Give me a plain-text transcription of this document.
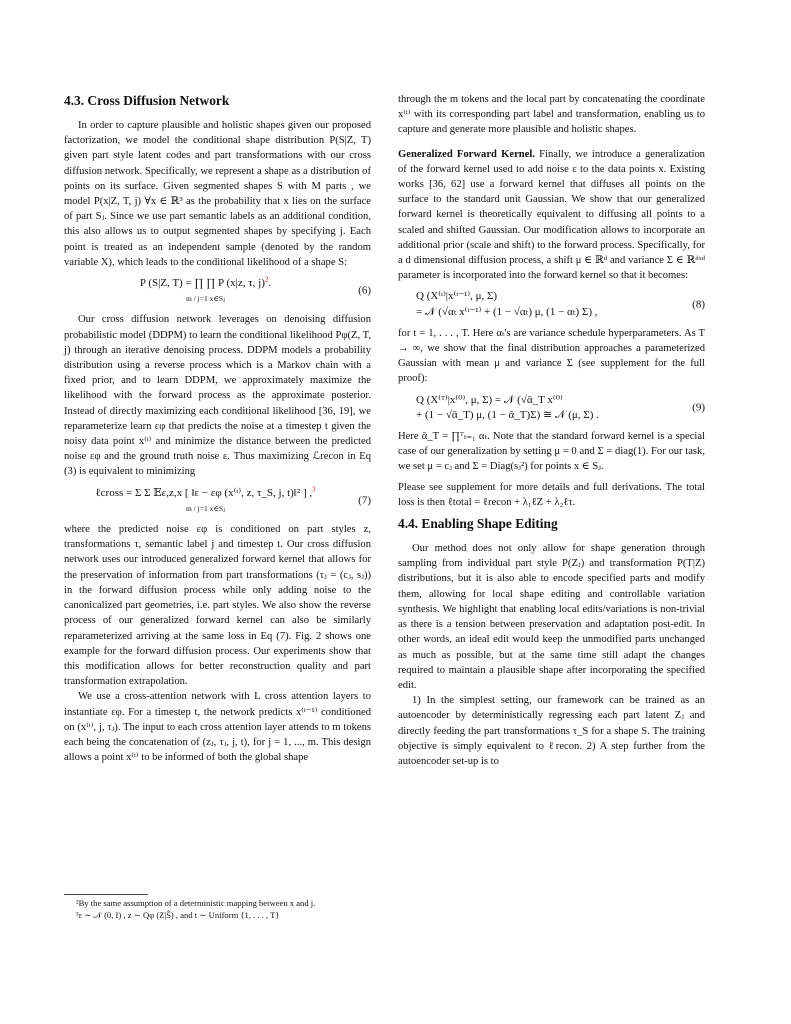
4.3. Cross Diffusion Network

In order to capture plausible and holistic shapes given our proposed factorization, we model the conditional shape distribution P(S|Z, T) given part style latent codes and part transformations with our cross diffusion network. Specifically, we represent a shape as a distribution of points on its surface. Given segmented shapes S with M parts , we model P(x|Z, T, j) ∀x ∈ ℝ³ as the probability that x lies on the surface of part Sⱼ. Since we use part semantic labels as an additional condition, this also allows us to output segmented shapes by specifying j. Each point is treated as an independent sample (denoted by the random variable X), which leads to the conditional likelihood of a shape S:

P (S|Z, T) = ∏ ∏ P (x|z, τ, j)$^2$.
m / j=1 x∈Sⱼ
(6)

Our cross diffusion network leverages on denoising diffusion probabilistic model (DDPM) to learn the conditional likelihood Pφ(Z, T, j) through an iterative denoising process. DDPM models a probability distribution using a reverse process which is a Markov chain with a fixed prior, and to learn DDPM, we approximately maximize the likelihood with the forward process as the approximate posterior. Instead of directly maximizing each conditional likelihood [36, 19], we reparameterize learn εφ that predicts the noise at a timestep t given the noisy data point x⁽ᵗ⁾ and minimize the distance between the predicted noise εφ and the ground truth noise ε. Thus maximizing ℒrecon in Eq (3) is equivalent to minimizing

ℓcross = Σ Σ 𝔼ε,z,x [ ‖ε − εφ (x⁽ᵗ⁾, z, τ_S, j, t)‖² ] ,$^3$
m / j=1 x∈Sⱼ
(7)

where the predicted noise εφ is conditioned on part styles z, transformations τ, semantic label j and timestep t. Our cross diffusion network uses our introduced generalized forward kernel that allows for the preservation of information from part transformations (τⱼ = (cⱼ, sⱼ)) in the forward diffusion process while only adding noise to the canonicalized part geometries, i.e. part styles. We also show the reverse process of our generalized forward kernel can also be similarly reparameterized arriving at the same loss in Eq (7). Fig. 2 shows one example for the forward diffusion process. Our experiments show that this modification allows for better reconstruction quality and part transformation extrapolation.

We use a cross-attention network with L cross attention layers to instantiate εφ. For a timestep t, the network predicts x⁽ᵗ⁻¹⁾ conditioned on (x⁽ᵗ⁾, j, τⱼ). The input to each cross attention layer attends to m tokens each being the concatenation of (zⱼ, τⱼ, j, t), for j = 1, ..., m. This design allows a point x⁽ᵗ⁾ to be informed of both the global shape

²By the same assumption of a deterministic mapping between x and j.
³ε ∼ 𝒩 (0, I) , z ∼ Qφ (Z|Ŝ) , and t ∼ Uniform {1, . . . , T}

through the m tokens and the local part by concatenating the coordinate x⁽ᵗ⁾ with its corresponding part label and transformation, enabling us to capture and generate more plausible and holistic shapes.

Generalized Forward Kernel. Finally, we introduce a generalization of the forward kernel used to add noise ε to the data points x. Existing works [36, 62] use a forward kernel that diffuses all points on the surface to the standard unit Gaussian. We show that our generalized forward kernel is theoretically equivalent to diffusing all points to a scaled and shifted Gaussian. Our modification allows to incorporate an additional prior (scale and shift) to the forward process. Specifically, for a d dimensional diffusion process, a shift μ ∈ ℝᵈ and variance Σ ∈ ℝᵈˣᵈ parameter is incorporated into the forward kernel so that it becomes:

Q (X⁽ᵗ⁾|x⁽ᵗ⁻¹⁾, μ, Σ)
= 𝒩 (√αₜ x⁽ᵗ⁻¹⁾ + (1 − √αₜ) μ, (1 − αₜ) Σ) ,
(8)

for t = 1, . . . , T. Here αₜ's are variance schedule hyperparameters. As T → ∞, we show that the final distribution approaches a parameterized Gaussian with mean μ and variance Σ (see supplement for the full proof):

Q (X⁽ᵀ⁾|x⁽⁰⁾, μ, Σ) = 𝒩 (√ᾱ_T x⁽⁰⁾
+ (1 − √ᾱ_T) μ, (1 − ᾱ_T)Σ) ≅ 𝒩 (μ, Σ) .
(9)

Here ᾱ_T = ∏ᵀₜ₌₁ αₜ. Note that the standard forward kernel is a special case of our generalization by setting μ = 0 and Σ = diag(1). For our task, we set μ = cⱼ and Σ = Diag(sⱼ²) for points x ∈ Sⱼ.

Please see supplement for more details and full derivations. The total loss is then ℓtotal = ℓrecon + λ₁ℓZ + λ₂ℓτ.

4.4. Enabling Shape Editing

Our method does not only allow for shape generation through sampling from individual part style P(Zⱼ) and transformation P(T|Z) distributions, but it is also able to encode specified parts and modify them, allowing for local shape editing and controllable variation synthesis. We highlight that enabling local edits/variations is non-trivial as there is a tension between preservation and adaptation post-edit. In other words, an ideal edit would keep the unmodified parts unchanged as much as possible, but at the same time still adapt the changes required to maintain a plausible shape after incorporating the specified edit.

1) In the simplest setting, our framework can be trained as an autoencoder by deterministically regressing each part latent Zⱼ and directly feeding the part transformations τ_S for a shape S. The training objective is simply equivalent to ℓrecon. 2) A step further from the autoencoder set-up is to
